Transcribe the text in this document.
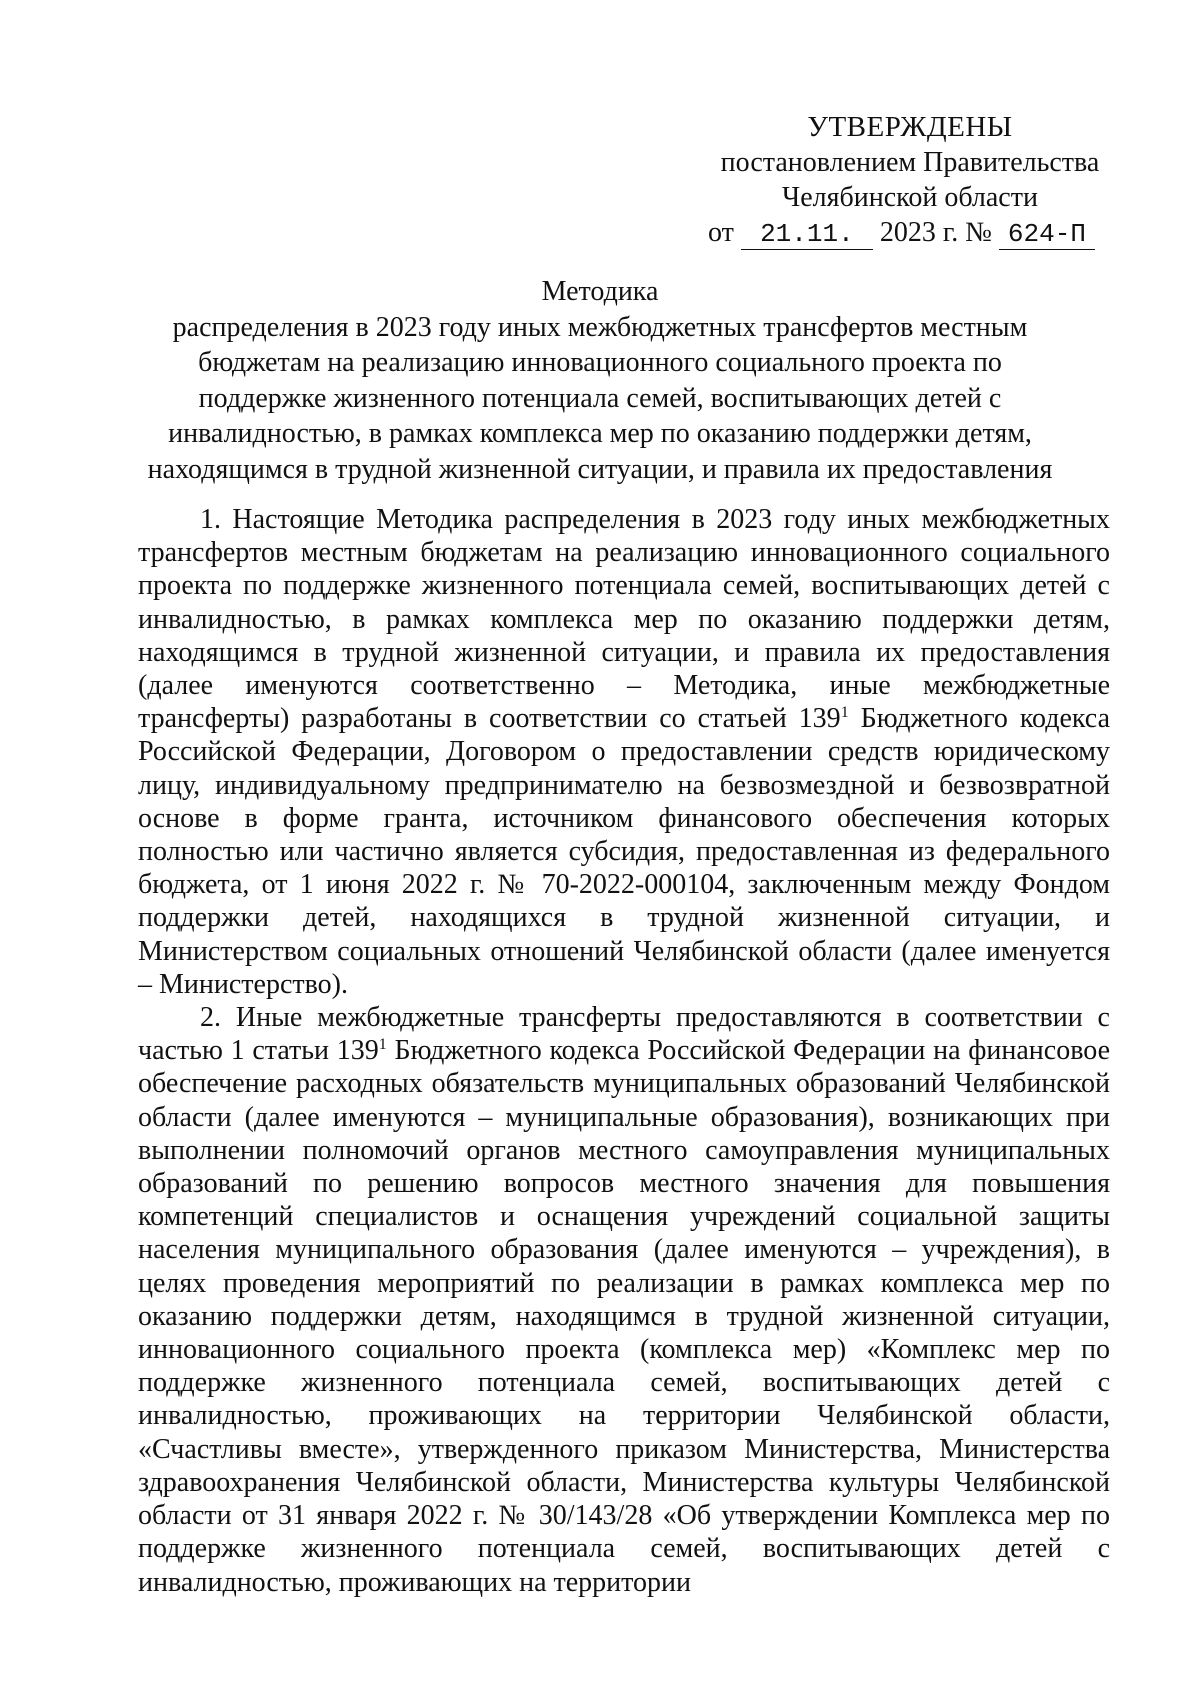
УТВЕРЖДЕНЫ
постановлением Правительства
Челябинской области
от 21.11. 2023 г. № 624-П
Методика
распределения в 2023 году иных межбюджетных трансфертов местным бюджетам на реализацию инновационного социального проекта по поддержке жизненного потенциала семей, воспитывающих детей с инвалидностью, в рамках комплекса мер по оказанию поддержки детям, находящимся в трудной жизненной ситуации, и правила их предоставления

1. Настоящие Методика распределения в 2023 году иных межбюджетных трансфертов местным бюджетам на реализацию инновационного социального проекта по поддержке жизненного потенциала семей, воспитывающих детей с инвалидностью, в рамках комплекса мер по оказанию поддержки детям, находящимся в трудной жизненной ситуации, и правила их предоставления (далее именуются соответственно – Методика, иные межбюджетные трансферты) разработаны в соответствии со статьей $139^1$ Бюджетного кодекса Российской Федерации, Договором о предоставлении средств юридическому лицу, индивидуальному предпринимателю на безвозмездной и безвозвратной основе в форме гранта, источником финансового обеспечения которых полностью или частично является субсидия, предоставленная из федерального бюджета, от 1 июня 2022 г. № 70-2022-000104, заключенным между Фондом поддержки детей, находящихся в трудной жизненной ситуации, и Министерством социальных отношений Челябинской области (далее именуется – Министерство).

2. Иные межбюджетные трансферты предоставляются в соответствии с частью 1 статьи $139^1$ Бюджетного кодекса Российской Федерации на финансовое обеспечение расходных обязательств муниципальных образований Челябинской области (далее именуются – муниципальные образования), возникающих при выполнении полномочий органов местного самоуправления муниципальных образований по решению вопросов местного значения для повышения компетенций специалистов и оснащения учреждений социальной защиты населения муниципального образования (далее именуются – учреждения), в целях проведения мероприятий по реализации в рамках комплекса мер по оказанию поддержки детям, находящимся в трудной жизненной ситуации, инновационного социального проекта (комплекса мер) «Комплекс мер по поддержке жизненного потенциала семей, воспитывающих детей с инвалидностью, проживающих на территории Челябинской области, «Счастливы вместе», утвержденного приказом Министерства, Министерства здравоохранения Челябинской области, Министерства культуры Челябинской области от 31 января 2022 г. № 30/143/28 «Об утверждении Комплекса мер по поддержке жизненного потенциала семей, воспитывающих детей с инвалидностью, проживающих на территории
